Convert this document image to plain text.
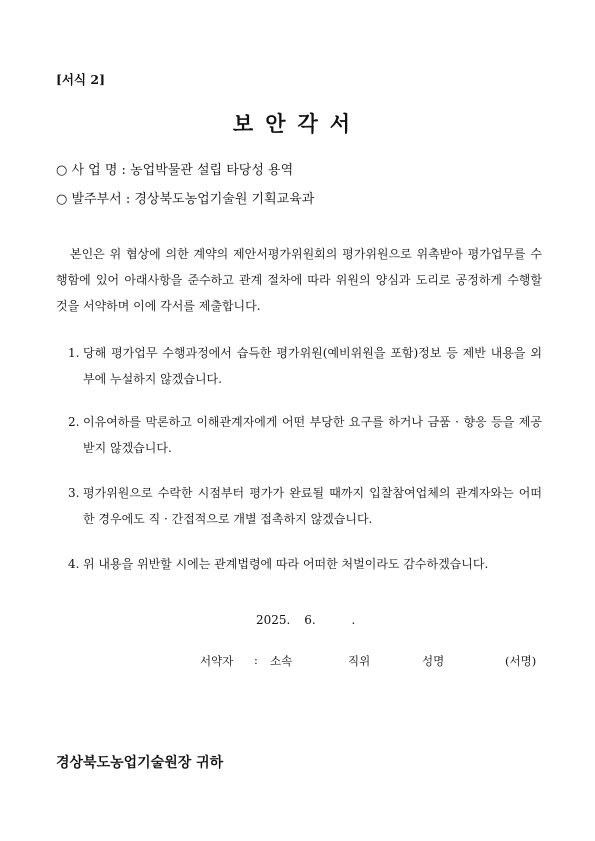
[서식 2]
보안각서
○ 사 업 명 : 농업박물관 설립 타당성 용역
○ 발주부서 : 경상북도농업기술원 기획교육과
본인은 위 협상에 의한 계약의 제안서평가위원회의 평가위원으로 위촉받아 평가업무를 수행함에 있어 아래사항을 준수하고 관계 절차에 따라 위원의 양심과 도리로 공정하게 수행할 것을 서약하며 이에 각서를 제출합니다.
1. 당해 평가업무 수행과정에서 습득한 평가위원(예비위원을 포함)정보 등 제반 내용을 외부에 누설하지 않겠습니다.
2. 이유여하를 막론하고 이해관계자에게 어떤 부당한 요구를 하거나 금품 · 향응 등을 제공받지 않겠습니다.
3. 평가위원으로 수락한 시점부터 평가가 완료될 때까지 입찰참여업체의 관계자와는 어떠한 경우에도 직 · 간접적으로 개별 접촉하지 않겠습니다.
4. 위 내용을 위반할 시에는 관계법령에 따라 어떠한 처벌이라도 감수하겠습니다.
2025. 6.	.
서약자 : 소속	직위	성명	(서명)
경상북도농업기술원장 귀하
